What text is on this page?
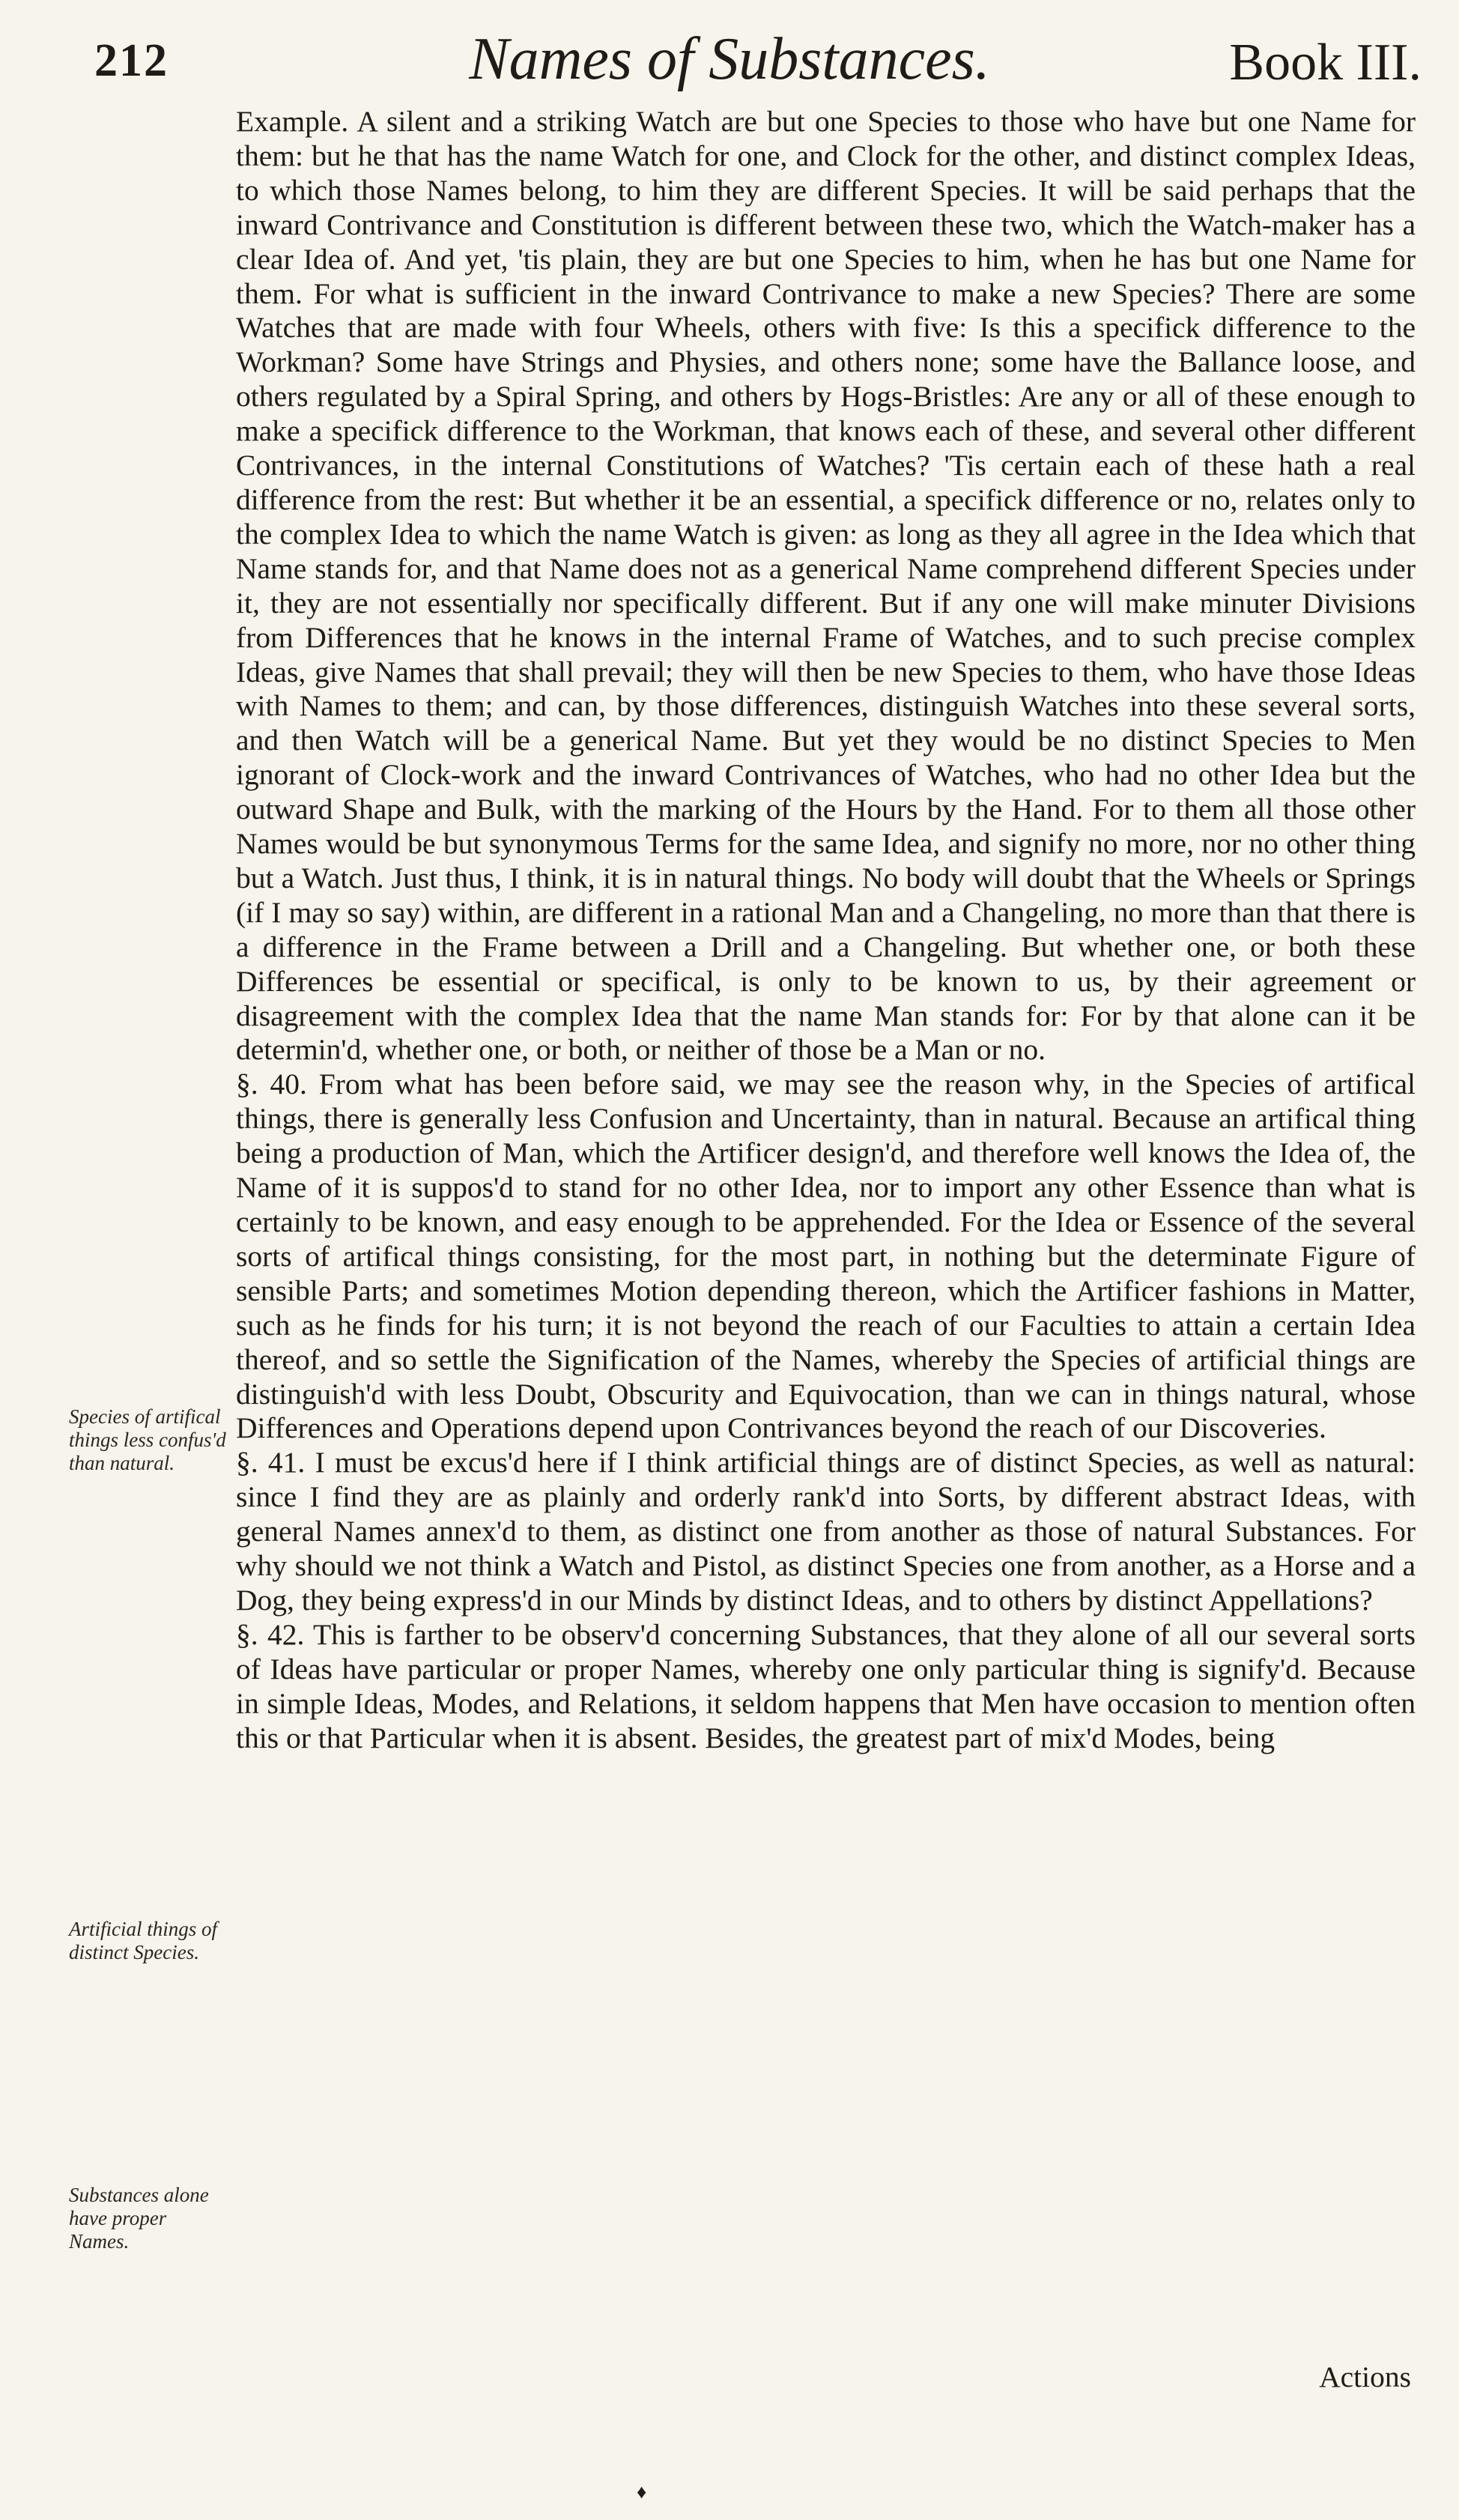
212	Names of Substances.	Book III.

Example. A silent and a striking Watch are but one Species to those who have but one Name for them: but he that has the name Watch for one, and Clock for the other, and distinct complex Ideas, to which those Names belong, to him they are different Species. It will be said perhaps that the inward Contrivance and Constitution is different between these two, which the Watch-maker has a clear Idea of. And yet, 'tis plain, they are but one Species to him, when he has but one Name for them. For what is sufficient in the inward Contrivance to make a new Species? There are some Watches that are made with four Wheels, others with five: Is this a specifick difference to the Workman? Some have Strings and Physies, and others none; some have the Ballance loose, and others regulated by a Spiral Spring, and others by Hogs-Bristles: Are any or all of these enough to make a specifick difference to the Workman, that knows each of these, and several other different Contrivances, in the internal Constitutions of Watches? 'Tis certain each of these hath a real difference from the rest: But whether it be an essential, a specifick difference or no, relates only to the complex Idea to which the name Watch is given: as long as they all agree in the Idea which that Name stands for, and that Name does not as a generical Name comprehend different Species under it, they are not essentially nor specifically different. But if any one will make minuter Divisions from Differences that he knows in the internal Frame of Watches, and to such precise complex Ideas, give Names that shall prevail; they will then be new Species to them, who have those Ideas with Names to them; and can, by those differences, distinguish Watches into these several sorts, and then Watch will be a generical Name. But yet they would be no distinct Species to Men ignorant of Clock-work and the inward Contrivances of Watches, who had no other Idea but the outward Shape and Bulk, with the marking of the Hours by the Hand. For to them all those other Names would be but synonymous Terms for the same Idea, and signify no more, nor no other thing but a Watch. Just thus, I think, it is in natural things. No body will doubt that the Wheels or Springs (if I may so say) within, are different in a rational Man and a Changeling, no more than that there is a difference in the Frame between a Drill and a Changeling. But whether one, or both these Differences be essential or specifical, is only to be known to us, by their agreement or disagreement with the complex Idea that the name Man stands for: For by that alone can it be determin'd, whether one, or both, or neither of those be a Man or no.

§. 40. From what has been before said, we may see the reason why, in the Species of artifical things, there is generally less Confusion and Uncertainty, than in natural. Because an artifical thing being a production of Man, which the Artificer design'd, and therefore well knows the Idea of, the Name of it is suppos'd to stand for no other Idea, nor to import any other Essence than what is certainly to be known, and easy enough to be apprehended. For the Idea or Essence of the several sorts of artifical things consisting, for the most part, in nothing but the determinate Figure of sensible Parts; and sometimes Motion depending thereon, which the Artificer fashions in Matter, such as he finds for his turn; it is not beyond the reach of our Faculties to attain a certain Idea thereof, and so settle the Signification of the Names, whereby the Species of artificial things are distinguish'd with less Doubt, Obscurity and Equivocation, than we can in things natural, whose Differences and Operations depend upon Contrivances beyond the reach of our Discoveries.

§. 41. I must be excus'd here if I think artificial things are of distinct Species, as well as natural: since I find they are as plainly and orderly rank'd into Sorts, by different abstract Ideas, with general Names annex'd to them, as distinct one from another as those of natural Substances. For why should we not think a Watch and Pistol, as distinct Species one from another, as a Horse and a Dog, they being express'd in our Minds by distinct Ideas, and to others by distinct Appellations?

§. 42. This is farther to be observ'd concerning Substances, that they alone of all our several sorts of Ideas have particular or proper Names, whereby one only particular thing is signify'd. Because in simple Ideas, Modes, and Relations, it seldom happens that Men have occasion to mention often this or that Particular when it is absent. Besides, the greatest part of mix'd Modes, being

Species of artifical things less confus'd than natural.
Artificial things of distinct Species.
Substances alone have proper Names.
Actions
♦
